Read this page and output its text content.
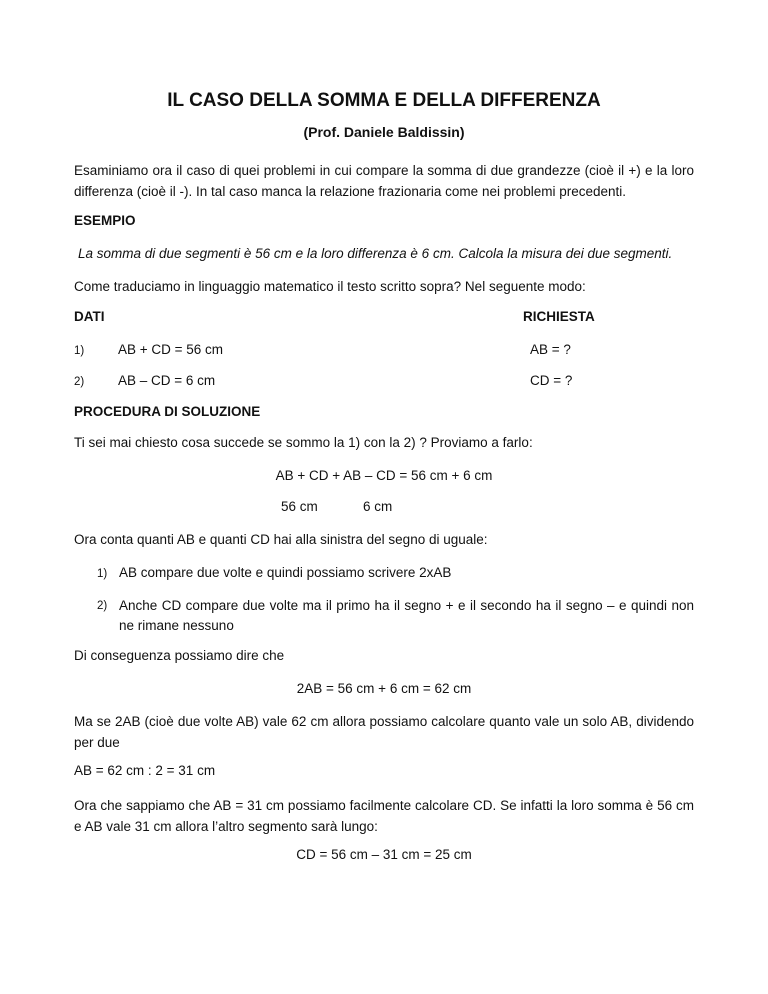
IL CASO DELLA SOMMA E DELLA DIFFERENZA
(Prof. Daniele Baldissin)
Esaminiamo ora il caso di quei problemi in cui compare la somma di due grandezze (cioè il +) e la loro differenza (cioè il -). In tal caso manca la relazione frazionaria come nei problemi precedenti.
ESEMPIO
La somma di due segmenti è 56 cm e la loro differenza è 6 cm. Calcola la misura dei due segmenti.
Come traduciamo in linguaggio matematico il testo scritto sopra? Nel seguente modo:
DATI	RICHIESTA
1)	AB + CD = 56 cm	AB = ?
2)	AB – CD = 6 cm	CD = ?
PROCEDURA DI SOLUZIONE
Ti sei mai chiesto cosa succede se sommo la 1) con la 2) ? Proviamo a farlo:
AB + CD + AB – CD = 56 cm + 6 cm
56 cm	6 cm
Ora conta quanti AB e quanti CD hai alla sinistra del segno di uguale:
1) AB compare due volte e quindi possiamo scrivere 2xAB
2) Anche CD compare due volte ma il primo ha il segno + e il secondo ha il segno – e quindi non ne rimane nessuno
Di conseguenza possiamo dire che
2AB = 56 cm + 6 cm = 62 cm
Ma se 2AB (cioè due volte AB) vale 62 cm allora possiamo calcolare quanto vale un solo AB, dividendo per due
AB = 62 cm : 2 = 31 cm
Ora che sappiamo che AB = 31 cm possiamo facilmente calcolare CD. Se infatti la loro somma è 56 cm e AB vale 31 cm allora l’altro segmento sarà lungo:
CD = 56 cm – 31 cm = 25 cm
